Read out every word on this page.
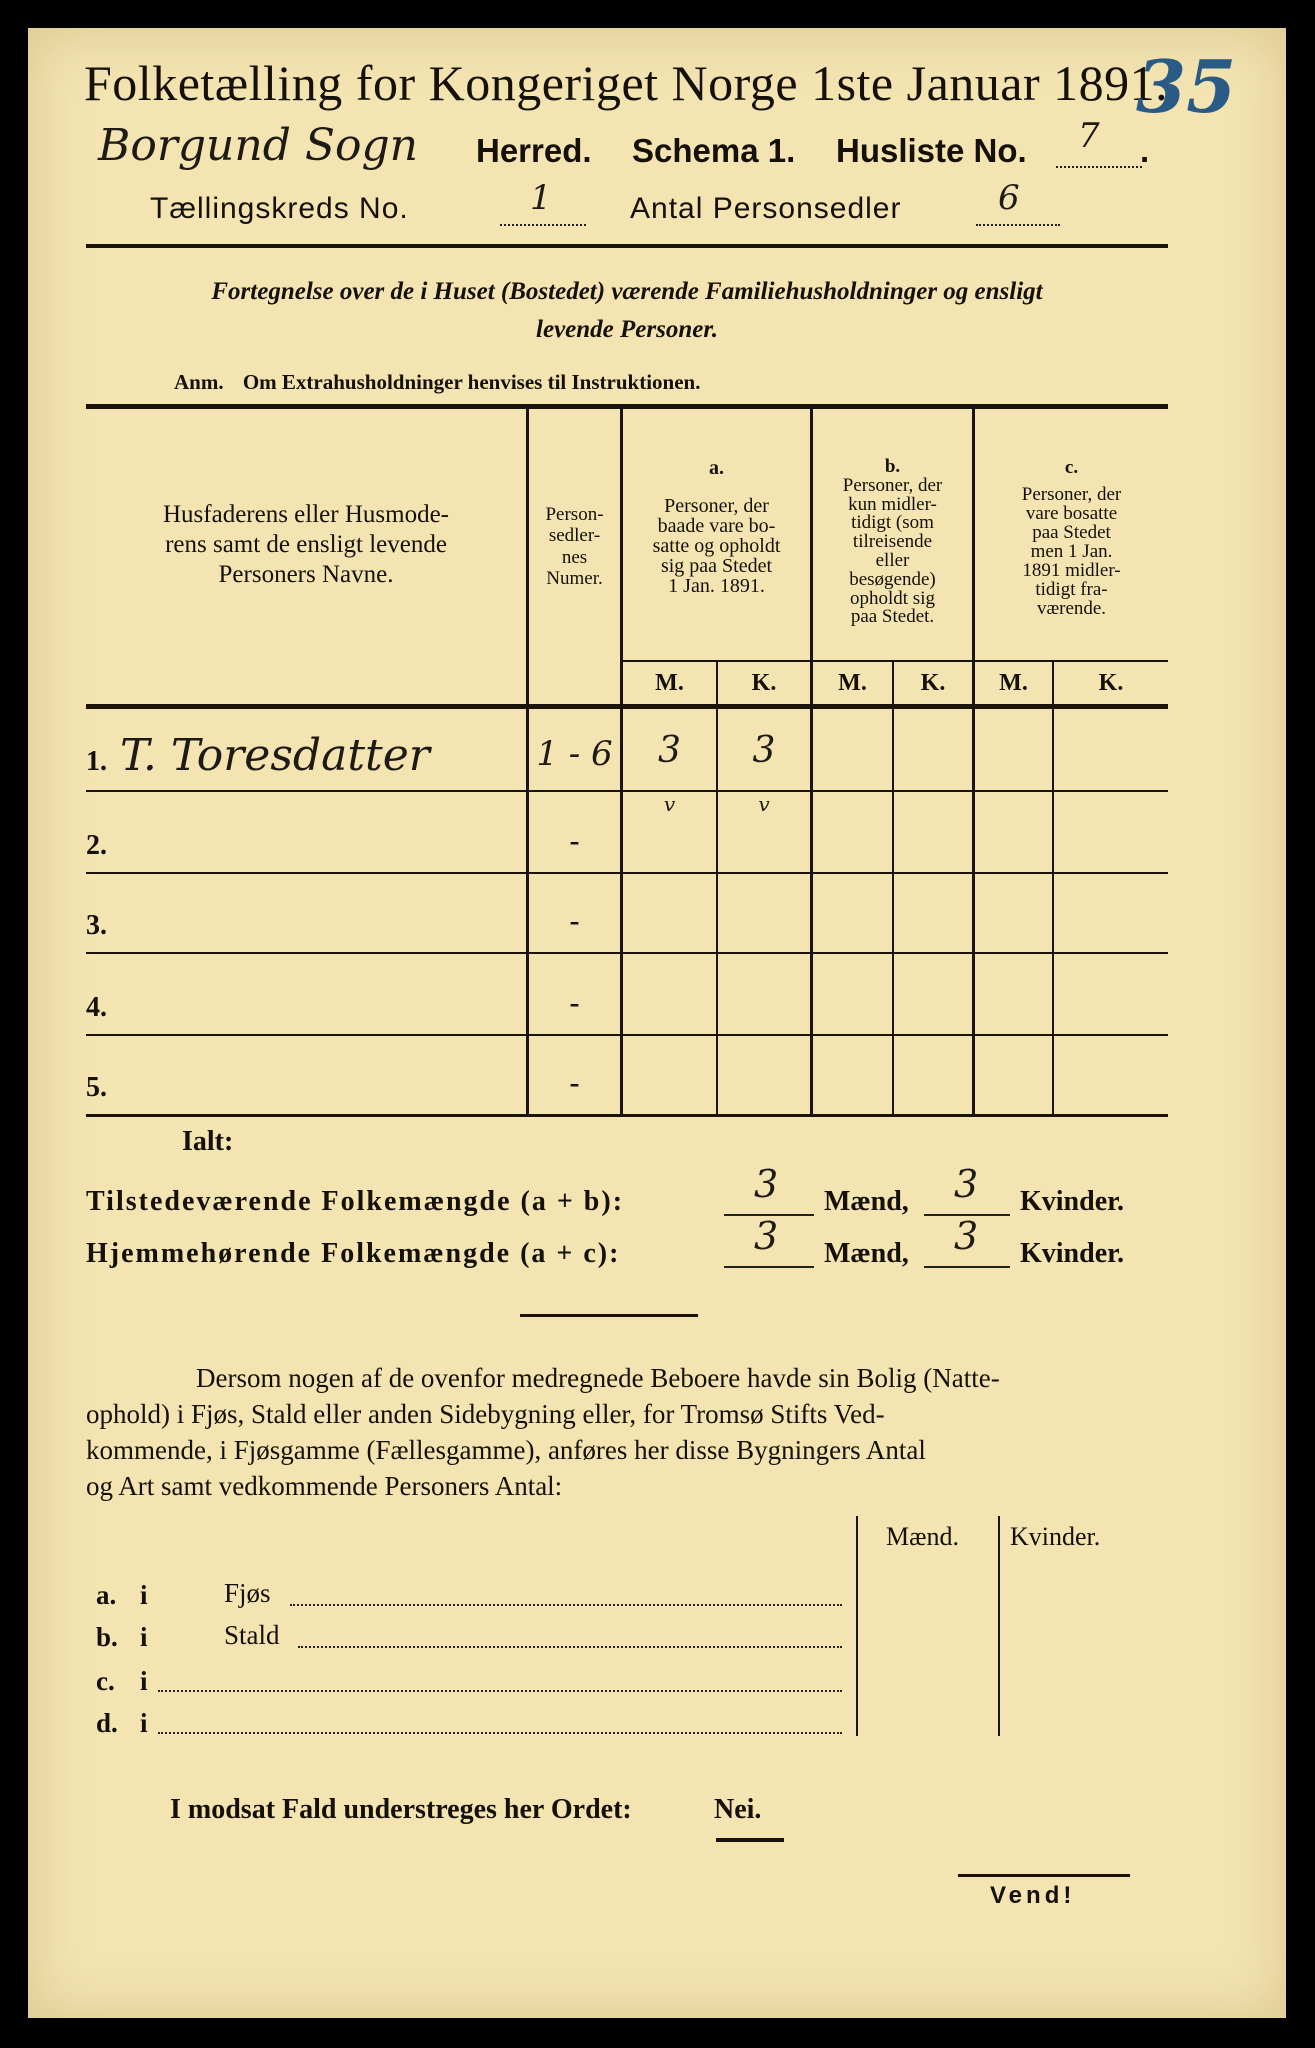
Folketælling for Kongeriget Norge 1ste Januar 1891.
35
Borgund Sogn Herred. Schema 1. Husliste No. 7 .
Tællingskreds No.	1	Antal Personsedler	6
Fortegnelse over de i Huset (Bostedet) værende Familiehusholdninger og ensligt
levende Personer.
Anm. Om Extrahusholdninger henvises til Instruktionen.
Husfaderens eller Husmode-
rens samt de ensligt levende
Personers Navne.
Person-
sedler-
nes
Numer.
a.
Personer, der
baade vare bo-
satte og opholdt
sig paa Stedet
1 Jan. 1891.
b.
Personer, der
kun midler-
tidigt (som
tilreisende
eller
besøgende)
opholdt sig
paa Stedet.
c.
Personer, der
vare bosatte
paa Stedet
men 1 Jan.
1891 midler-
tidigt fra-
værende.
M.	K.	M.	K.	M.	K.
1. T. Toresdatter	1 - 6	3	3
v	v
2.	-
3.	-
4.	-
5.	-
Ialt:
Tilstedeværende Folkemængde (a + b):	3 Mænd, 3 Kvinder.
Hjemmehørende Folkemængde (a + c):	3 Mænd, 3 Kvinder.
Dersom nogen af de ovenfor medregnede Beboere havde sin Bolig (Natte-
ophold) i Fjøs, Stald eller anden Sidebygning eller, for Tromsø Stifts Ved-
kommende, i Fjøsgamme (Fællesgamme), anføres her disse Bygningers Antal
og Art samt vedkommende Personers Antal:
Mænd. Kvinder.
a. i	Fjøs
b. i	Stald
c. i
d. i
I modsat Fald understreges her Ordet:	Nei.
Vend!
